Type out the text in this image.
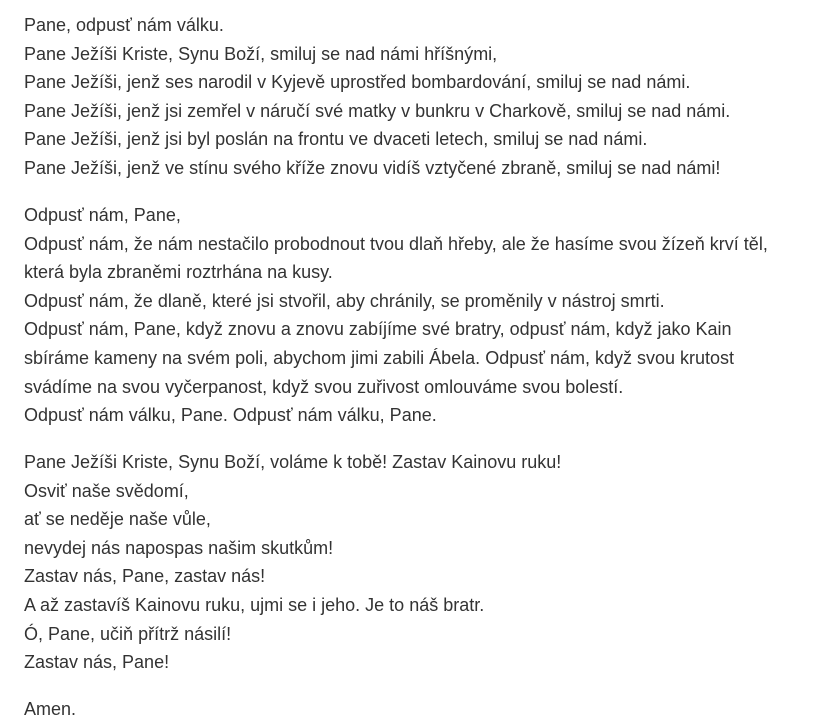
Pane, odpusť nám válku.
Pane Ježíši Kriste, Synu Boží, smiluj se nad námi hříšnými,
Pane Ježíši, jenž ses narodil v Kyjevě uprostřed bombardování, smiluj se nad námi.
Pane Ježíši, jenž jsi zemřel v náručí své matky v bunkru v Charkově, smiluj se nad námi.
Pane Ježíši, jenž jsi byl poslán na frontu ve dvaceti letech, smiluj se nad námi.
Pane Ježíši, jenž ve stínu svého kříže znovu vidíš vztyčené zbraně, smiluj se nad námi!
Odpusť nám, Pane,
Odpusť nám, že nám nestačilo probodnout tvou dlaň hřeby, ale že hasíme svou žízeň krví těl,
která byla zbraněmi roztrhána na kusy.
Odpusť nám, že dlaně, které jsi stvořil, aby chránily, se proměnily v nástroj smrti.
Odpusť nám, Pane, když znovu a znovu zabíjíme své bratry, odpusť nám, když jako Kain
sbíráme kameny na svém poli, abychom jimi zabili Ábela. Odpusť nám, když svou krutost
svádíme na svou vyčerpanost, když svou zuřivost omlouváme svou bolestí.
Odpusť nám válku, Pane. Odpusť nám válku, Pane.
Pane Ježíši Kriste, Synu Boží, voláme k tobě! Zastav Kainovu ruku!
Osviť naše svědomí,
ať se neděje naše vůle,
nevydej nás napospas našim skutkům!
Zastav nás, Pane, zastav nás!
A až zastavíš Kainovu ruku, ujmi se i jeho. Je to náš bratr.
Ó, Pane, učiň přítrž násilí!
Zastav nás, Pane!
Amen.
